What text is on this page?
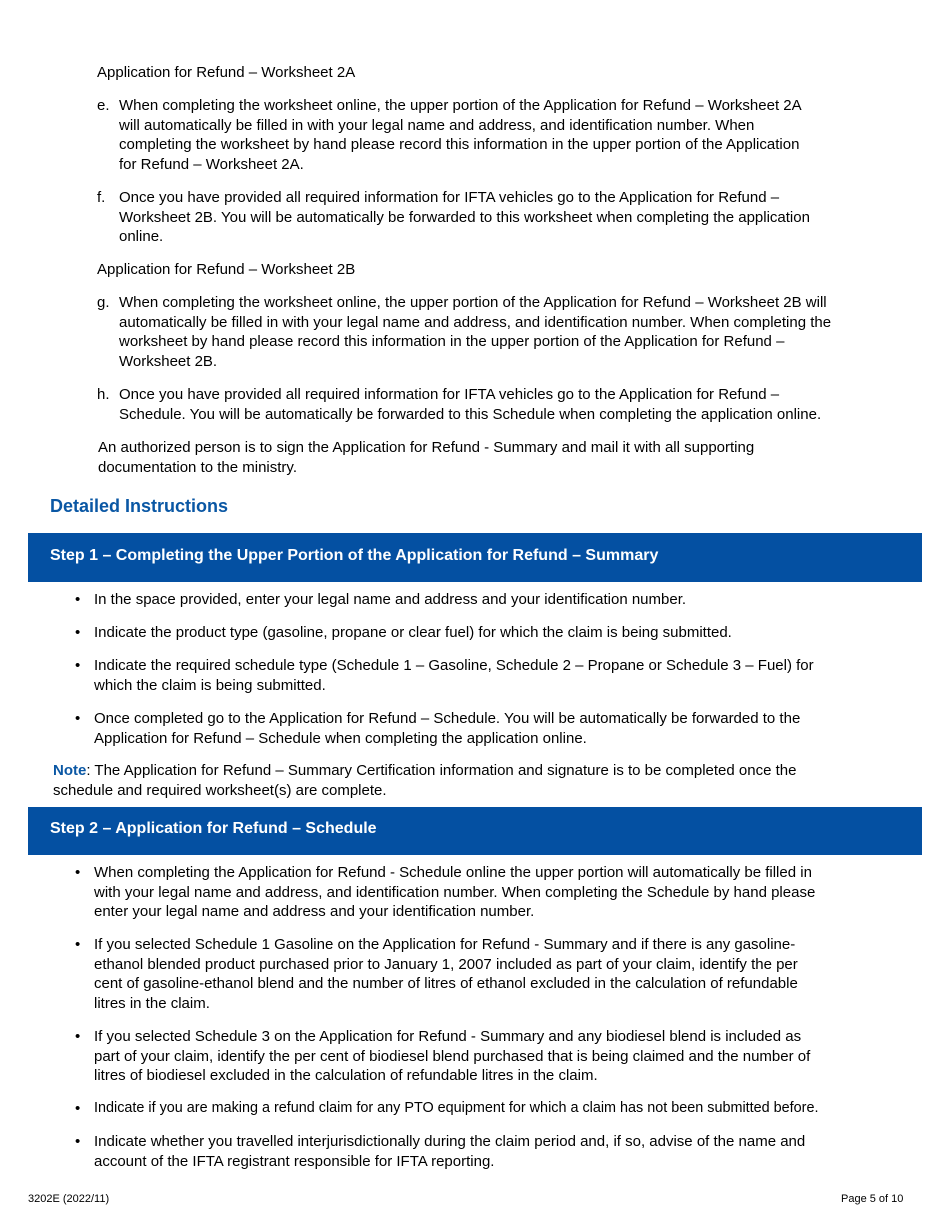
Application for Refund – Worksheet 2A
e. When completing the worksheet online, the upper portion of the Application for Refund – Worksheet 2A
will automatically be filled in with your legal name and address, and identification number. When
completing the worksheet by hand please record this information in the upper portion of the Application
for Refund – Worksheet 2A.
f. Once you have provided all required information for IFTA vehicles go to the Application for Refund –
Worksheet 2B. You will be automatically be forwarded to this worksheet when completing the application
online.
Application for Refund – Worksheet 2B
g. When completing the worksheet online, the upper portion of the Application for Refund – Worksheet 2B will
automatically be filled in with your legal name and address, and identification number. When completing the
worksheet by hand please record this information in the upper portion of the Application for Refund –
Worksheet 2B.
h. Once you have provided all required information for IFTA vehicles go to the Application for Refund –
Schedule. You will be automatically be forwarded to this Schedule when completing the application online.
An authorized person is to sign the Application for Refund - Summary and mail it with all supporting
documentation to the ministry.
Detailed Instructions
Step 1 – Completing the Upper Portion of the Application for Refund – Summary
• In the space provided, enter your legal name and address and your identification number.
• Indicate the product type (gasoline, propane or clear fuel) for which the claim is being submitted.
• Indicate the required schedule type (Schedule 1 – Gasoline, Schedule 2 – Propane or Schedule 3 – Fuel) for
which the claim is being submitted.
• Once completed go to the Application for Refund – Schedule. You will be automatically be forwarded to the
Application for Refund – Schedule when completing the application online.
Note: The Application for Refund – Summary Certification information and signature is to be completed once the
schedule and required worksheet(s) are complete.
Step 2 – Application for Refund – Schedule
• When completing the Application for Refund - Schedule online the upper portion will automatically be filled in
with your legal name and address, and identification number. When completing the Schedule by hand please
enter your legal name and address and your identification number.
• If you selected Schedule 1 Gasoline on the Application for Refund - Summary and if there is any gasoline-
ethanol blended product purchased prior to January 1, 2007 included as part of your claim, identify the per
cent of gasoline-ethanol blend and the number of litres of ethanol excluded in the calculation of refundable
litres in the claim.
• If you selected Schedule 3 on the Application for Refund - Summary and any biodiesel blend is included as
part of your claim, identify the per cent of biodiesel blend purchased that is being claimed and the number of
litres of biodiesel excluded in the calculation of refundable litres in the claim.
• Indicate if you are making a refund claim for any PTO equipment for which a claim has not been submitted before.
• Indicate whether you travelled interjurisdictionally during the claim period and, if so, advise of the name and
account of the IFTA registrant responsible for IFTA reporting.
3202E (2022/11)	Page 5 of 10
